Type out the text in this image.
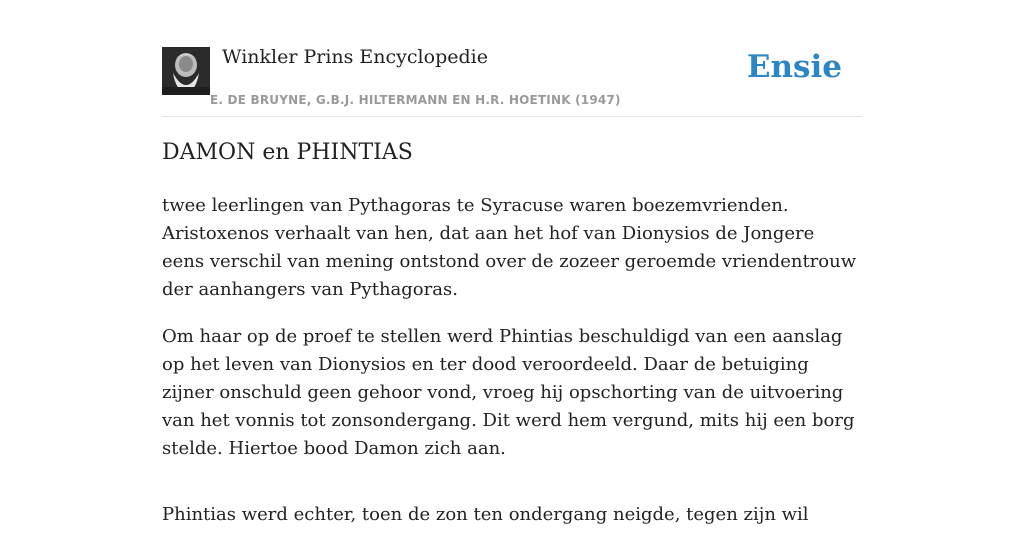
Winkler Prins Encyclopedie
E. DE BRUYNE, G.B.J. HILTERMANN EN H.R. HOETINK (1947)
Ensie
DAMON en PHINTIAS

twee leerlingen van Pythagoras te Syracuse waren boezemvrienden. Aristoxenos verhaalt van hen, dat aan het hof van Dionysios de Jongere eens verschil van mening ontstond over de zozeer geroemde vriendentrouw der aanhangers van Pythagoras.

Om haar op de proef te stellen werd Phintias beschuldigd van een aanslag op het leven van Dionysios en ter dood veroordeeld. Daar de betuiging zijner onschuld geen gehoor vond, vroeg hij opschorting van de uitvoering van het vonnis tot zonsondergang. Dit werd hem vergund, mits hij een borg stelde. Hiertoe bood Damon zich aan.

Phintias werd echter, toen de zon ten ondergang neigde, tegen zijn wil
